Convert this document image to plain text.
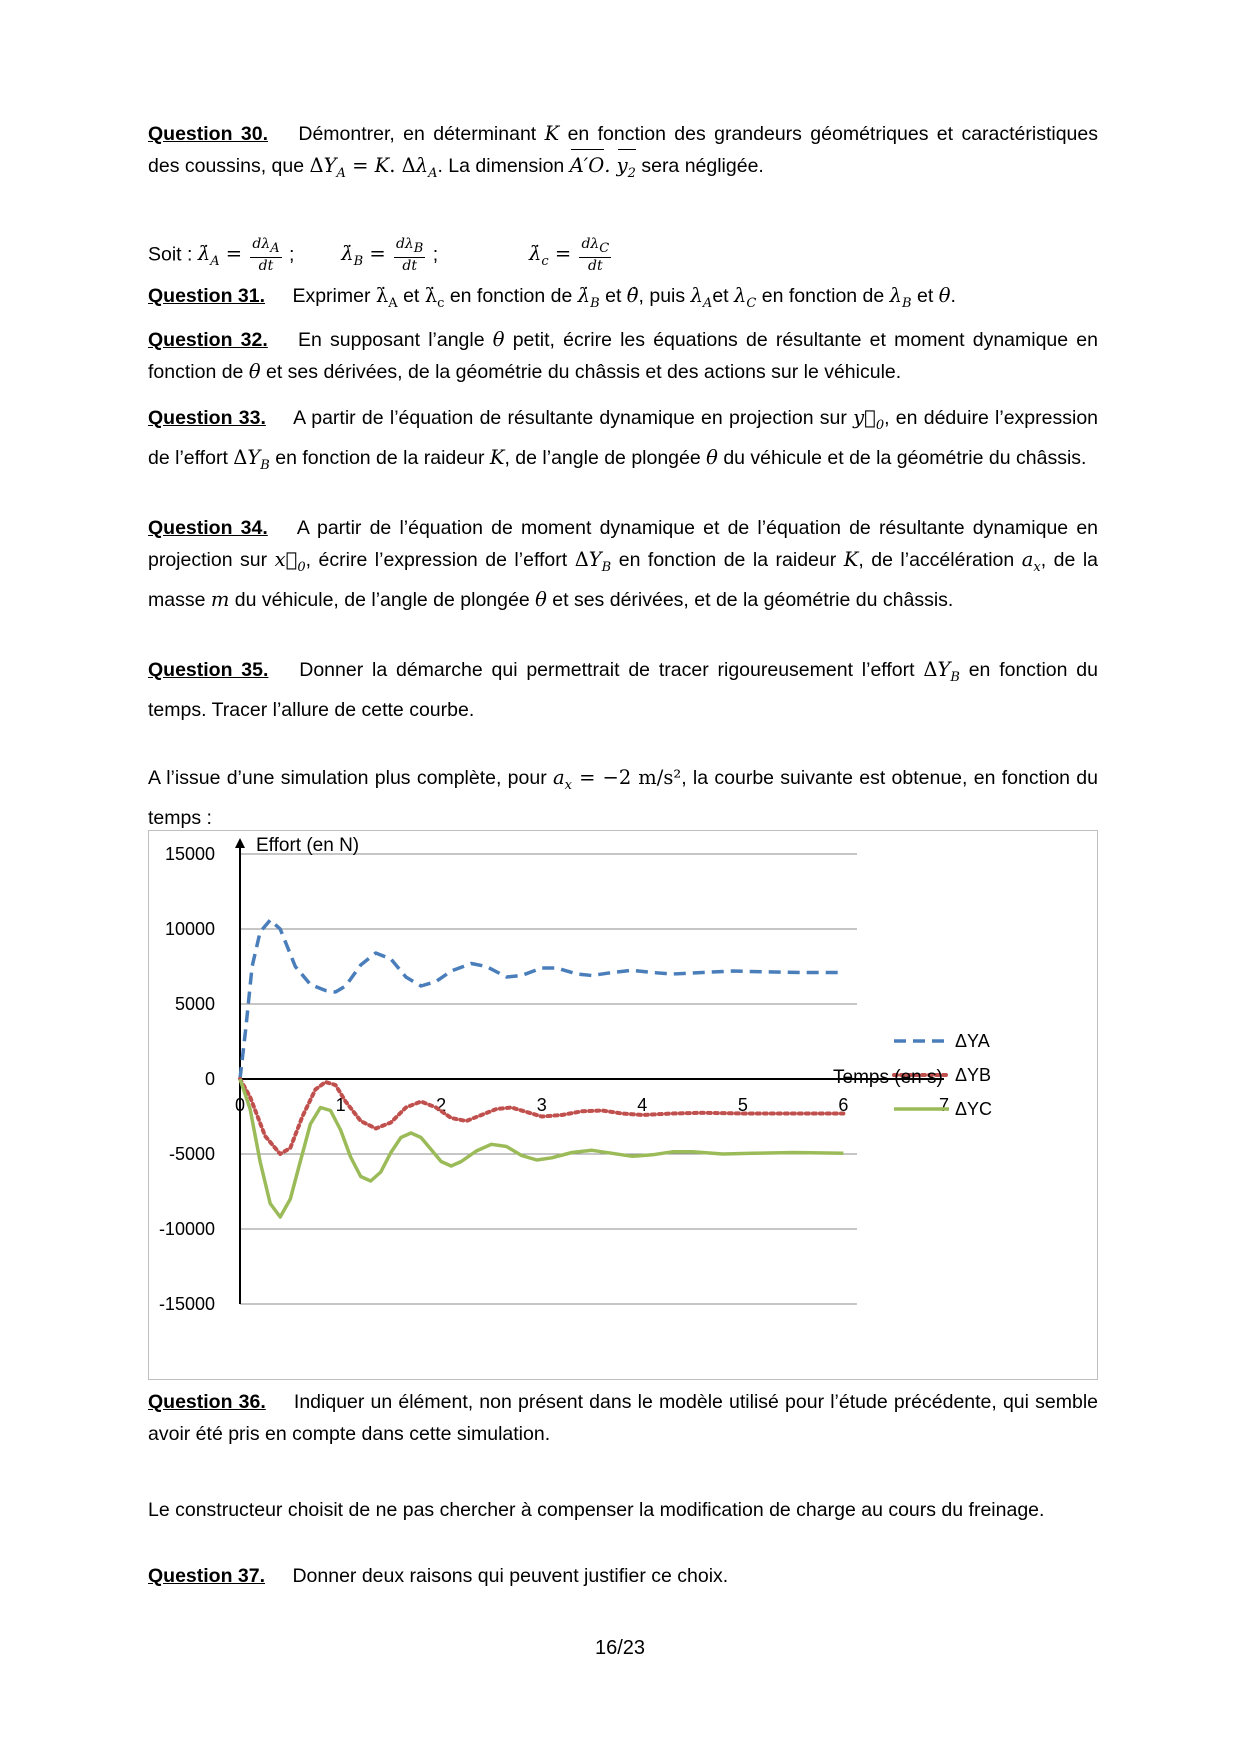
Question 30. Démontrer, en déterminant K en fonction des grandeurs géométriques et caractéristiques des coussins, que $\Delta Y_A = K$. $\Delta\lambda_A$. La dimension A′O. $y_2$ sera négligée.

Soit : $\lambdȧ_A = \frac{d\lambda_A}{dt}$ ; $\lambdȧ_B = \frac{d\lambda_B}{dt}$ ;	$\lambdȧ_c = \frac{d\lambda_C}{dt}$

Question 31. Exprimer $\lambdȧ_A$ et $\lambdȧ_c$ en fonction de $\lambdȧ_B$ et θ̇, puis $\lambda_Aet$ $\lambda_C$ en fonction de $\lambda_B$ et θ.

Question 32. En supposant l’angle θ petit, écrire les équations de résultante et moment dynamique en fonction de θ et ses dérivées, de la géométrie du châssis et des actions sur le véhicule.

Question 33. A partir de l’équation de résultante dynamique en projection sur $y⃗_0$, en déduire l’expression de l’effort $\Delta Y_B$ en fonction de la raideur K, de l’angle de plongée θ du véhicule et de la géométrie du châssis.

Question 34. A partir de l’équation de moment dynamique et de l’équation de résultante dynamique en projection sur $x⃗_0$, écrire l’expression de l’effort $\Delta Y_B$ en fonction de la raideur K, de l’accélération $a_x$, de la masse m du véhicule, de l’angle de plongée θ et ses dérivées, et de la géométrie du châssis.

Question 35. Donner la démarche qui permettrait de tracer rigoureusement l’effort $\Delta Y_B$ en fonction du temps. Tracer l’allure de cette courbe.

A l’issue d’une simulation plus complète, pour $a_x = -2$ m/s², la courbe suivante est obtenue, en fonction du temps :

15000
10000
5000
0
-5000
-10000
-15000
0	1	2	3	4	5	6	7
ΔYA
ΔYB
ΔYC
Effort (en N)
Temps (en s)

Question 36. Indiquer un élément, non présent dans le modèle utilisé pour l’étude précédente, qui semble avoir été pris en compte dans cette simulation.

Le constructeur choisit de ne pas chercher à compenser la modification de charge au cours du freinage.

Question 37. Donner deux raisons qui peuvent justifier ce choix.

16/23
